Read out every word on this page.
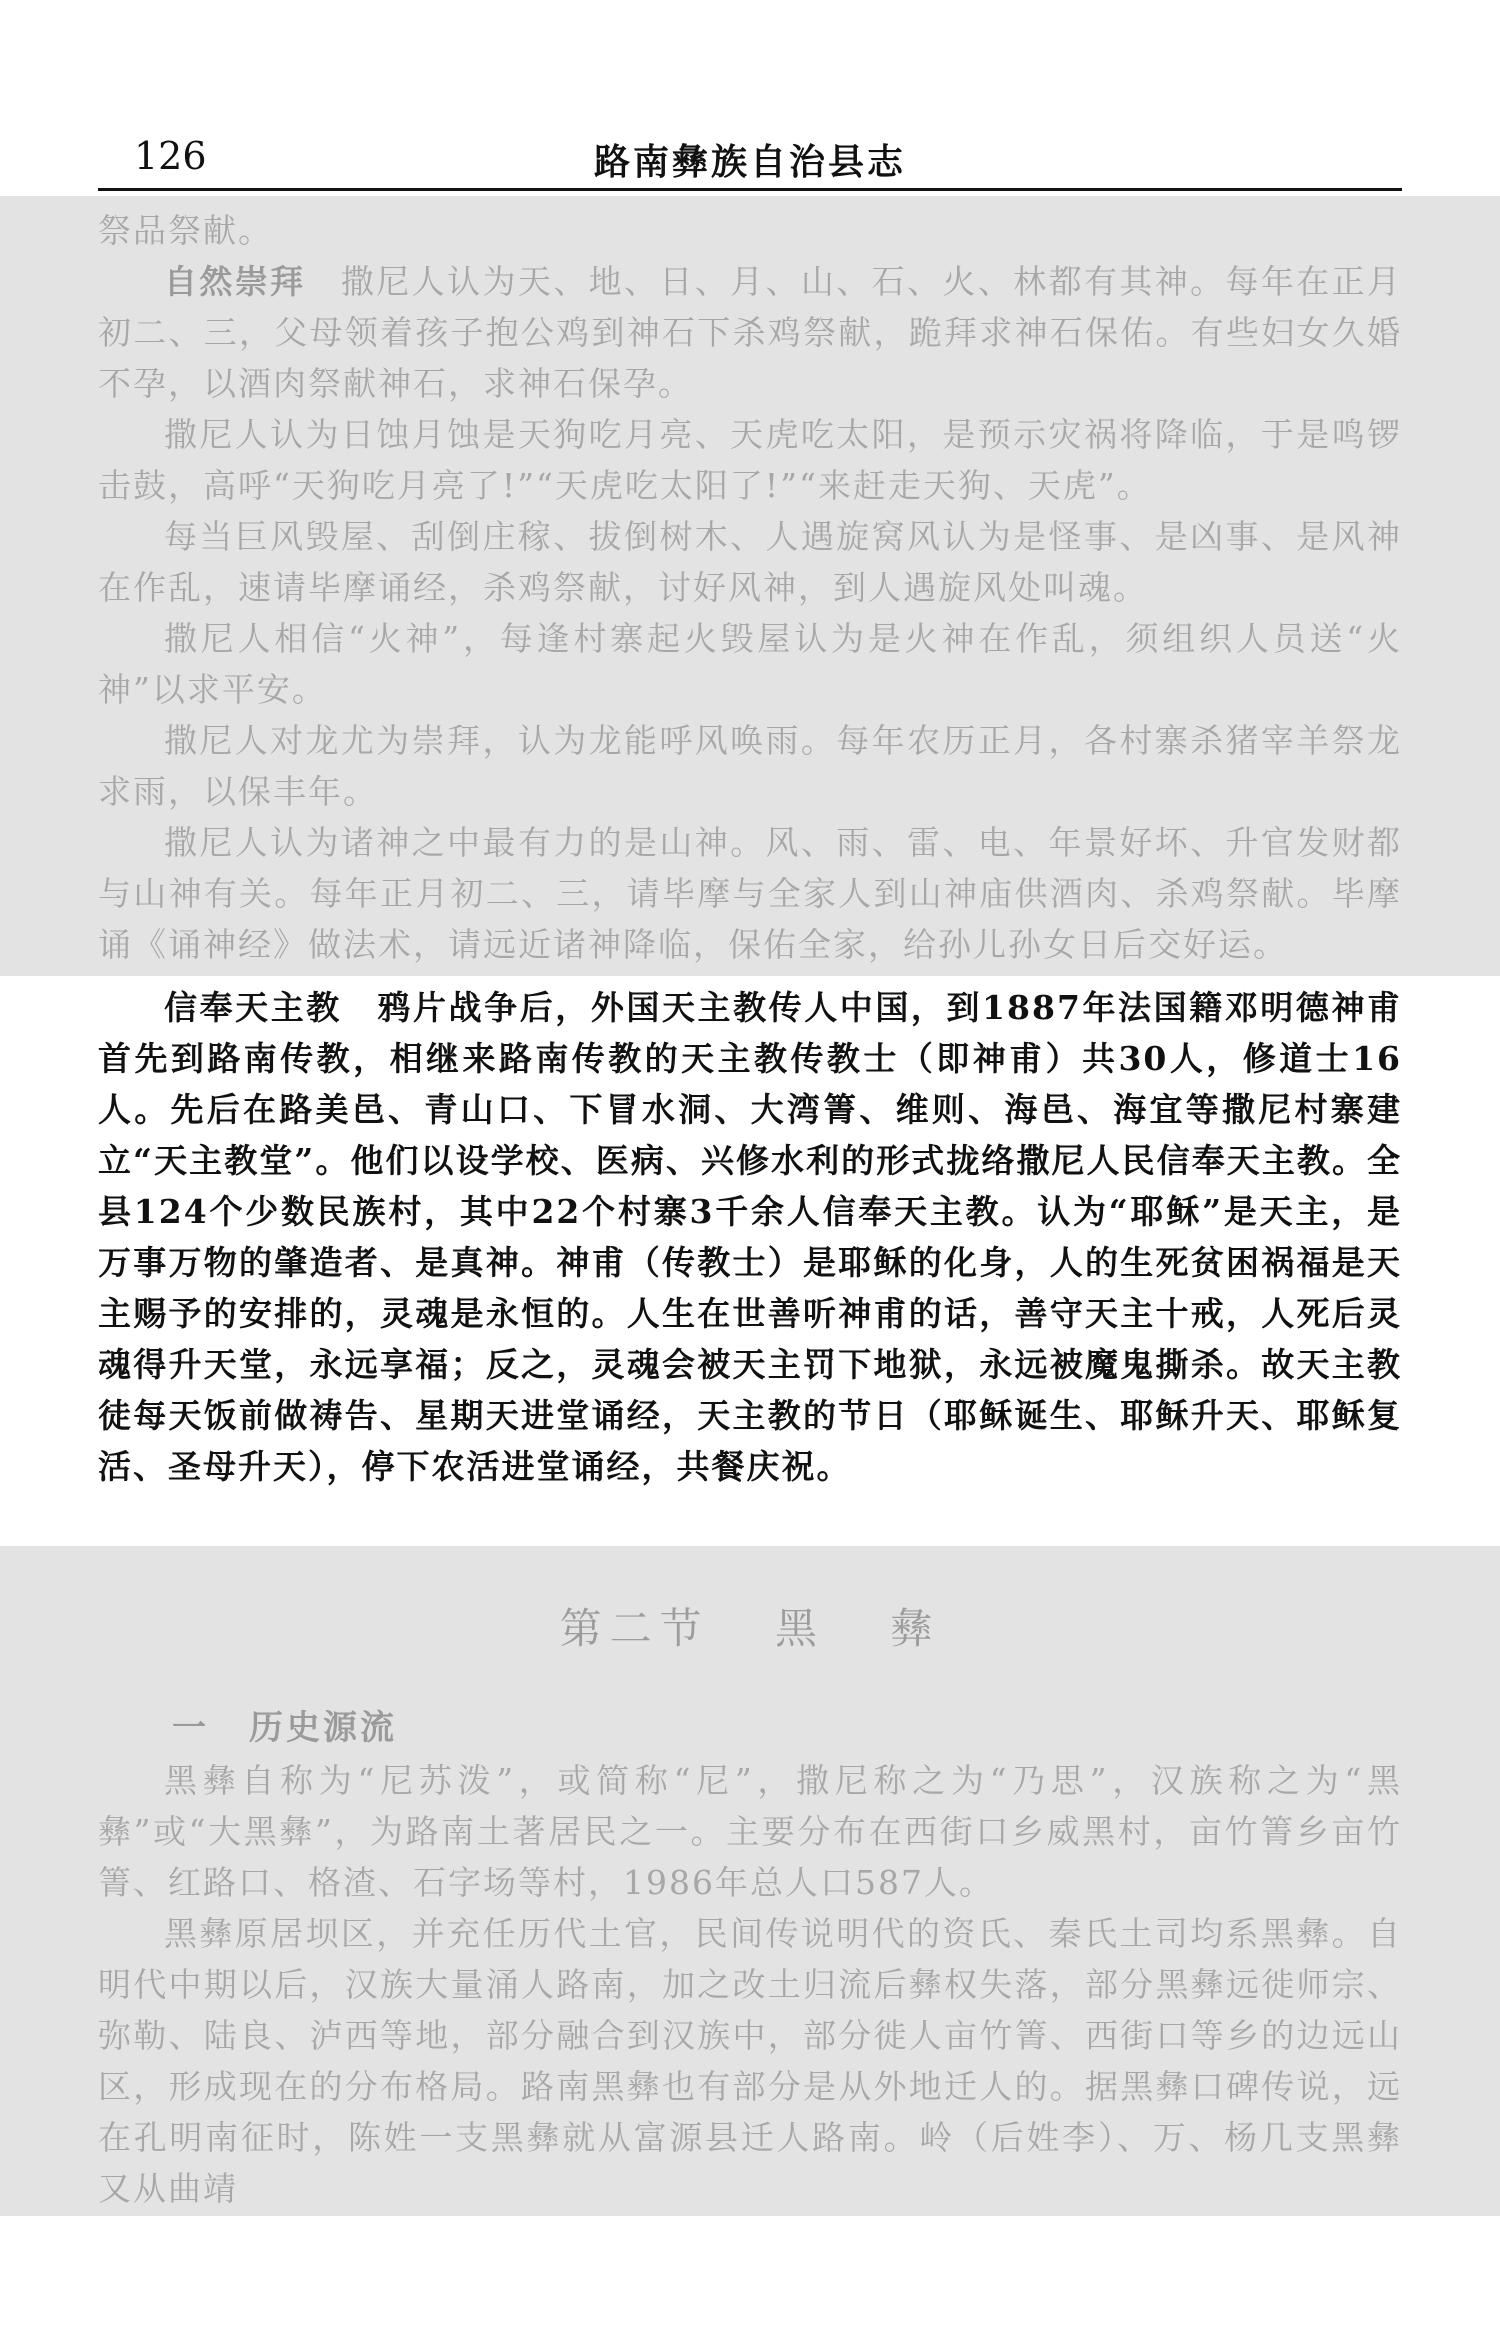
126	路南彝族自治县志

祭品祭献。

自然崇拜　 撒尼人认为天、地、日、月、山、石、火、林都有其神。每年在正月初二、三，父母领着孩子抱公鸡到神石下杀鸡祭献，跪拜求神石保佑。有些妇女久婚不孕，以酒肉祭献神石，求神石保孕。

撒尼人认为日蚀月蚀是天狗吃月亮、天虎吃太阳，是预示灾祸将降临，于是鸣锣击鼓，高呼“天狗吃月亮了!”“天虎吃太阳了!”“来赶走天狗、天虎”。

每当巨风毁屋、刮倒庄稼、拔倒树木、人遇旋窝风认为是怪事、是凶事、是风神在作乱，速请毕摩诵经，杀鸡祭献，讨好风神，到人遇旋风处叫魂。

撒尼人相信“火神”，每逢村寨起火毁屋认为是火神在作乱，须组织人员送“火神”以求平安。

撒尼人对龙尤为崇拜，认为龙能呼风唤雨。每年农历正月，各村寨杀猪宰羊祭龙求雨，以保丰年。

撒尼人认为诸神之中最有力的是山神。风、雨、雷、电、年景好坏、升官发财都与山神有关。每年正月初二、三，请毕摩与全家人到山神庙供酒肉、杀鸡祭献。毕摩诵《诵神经》做法术，请远近诸神降临，保佑全家，给孙儿孙女日后交好运。

信奉天主教　 鸦片战争后，外国天主教传人中国，到1887年法国籍邓明德神甫首先到路南传教，相继来路南传教的天主教传教士（即神甫）共30人，修道士16人。先后在路美邑、青山口、下冒水洞、大湾箐、维则、海邑、海宜等撒尼村寨建立“天主教堂”。他们以设学校、医病、兴修水利的形式拢络撒尼人民信奉天主教。全县124个少数民族村，其中22个村寨3千余人信奉天主教。认为“耶稣”是天主，是万事万物的肇造者、是真神。神甫（传教士）是耶稣的化身，人的生死贫困祸福是天主赐予的安排的，灵魂是永恒的。人生在世善听神甫的话，善守天主十戒，人死后灵魂得升天堂，永远享福；反之，灵魂会被天主罚下地狱，永远被魔鬼撕杀。故天主教徒每天饭前做祷告、星期天进堂诵经，天主教的节日（耶稣诞生、耶稣升天、耶稣复活、圣母升天），停下农活进堂诵经，共餐庆祝。

第二节 黑 彝
一 历史源流

黑彝自称为“尼苏泼”，或简称“尼”，撒尼称之为“乃思”，汉族称之为“黑彝”或“大黑彝”，为路南土著居民之一。主要分布在西街口乡威黑村，亩竹箐乡亩竹箐、红路口、格渣、石字场等村，1986年总人口587人。

黑彝原居坝区，并充任历代土官，民间传说明代的资氏、秦氏土司均系黑彝。自明代中期以后，汉族大量涌人路南，加之改土归流后彝权失落，部分黑彝远徙师宗、弥勒、陆良、泸西等地，部分融合到汉族中，部分徙人亩竹箐、西街口等乡的边远山区，形成现在的分布格局。路南黑彝也有部分是从外地迁人的。据黑彝口碑传说，远在孔明南征时，陈姓一支黑彝就从富源县迁人路南。岭（后姓李）、万、杨几支黑彝又从曲靖
